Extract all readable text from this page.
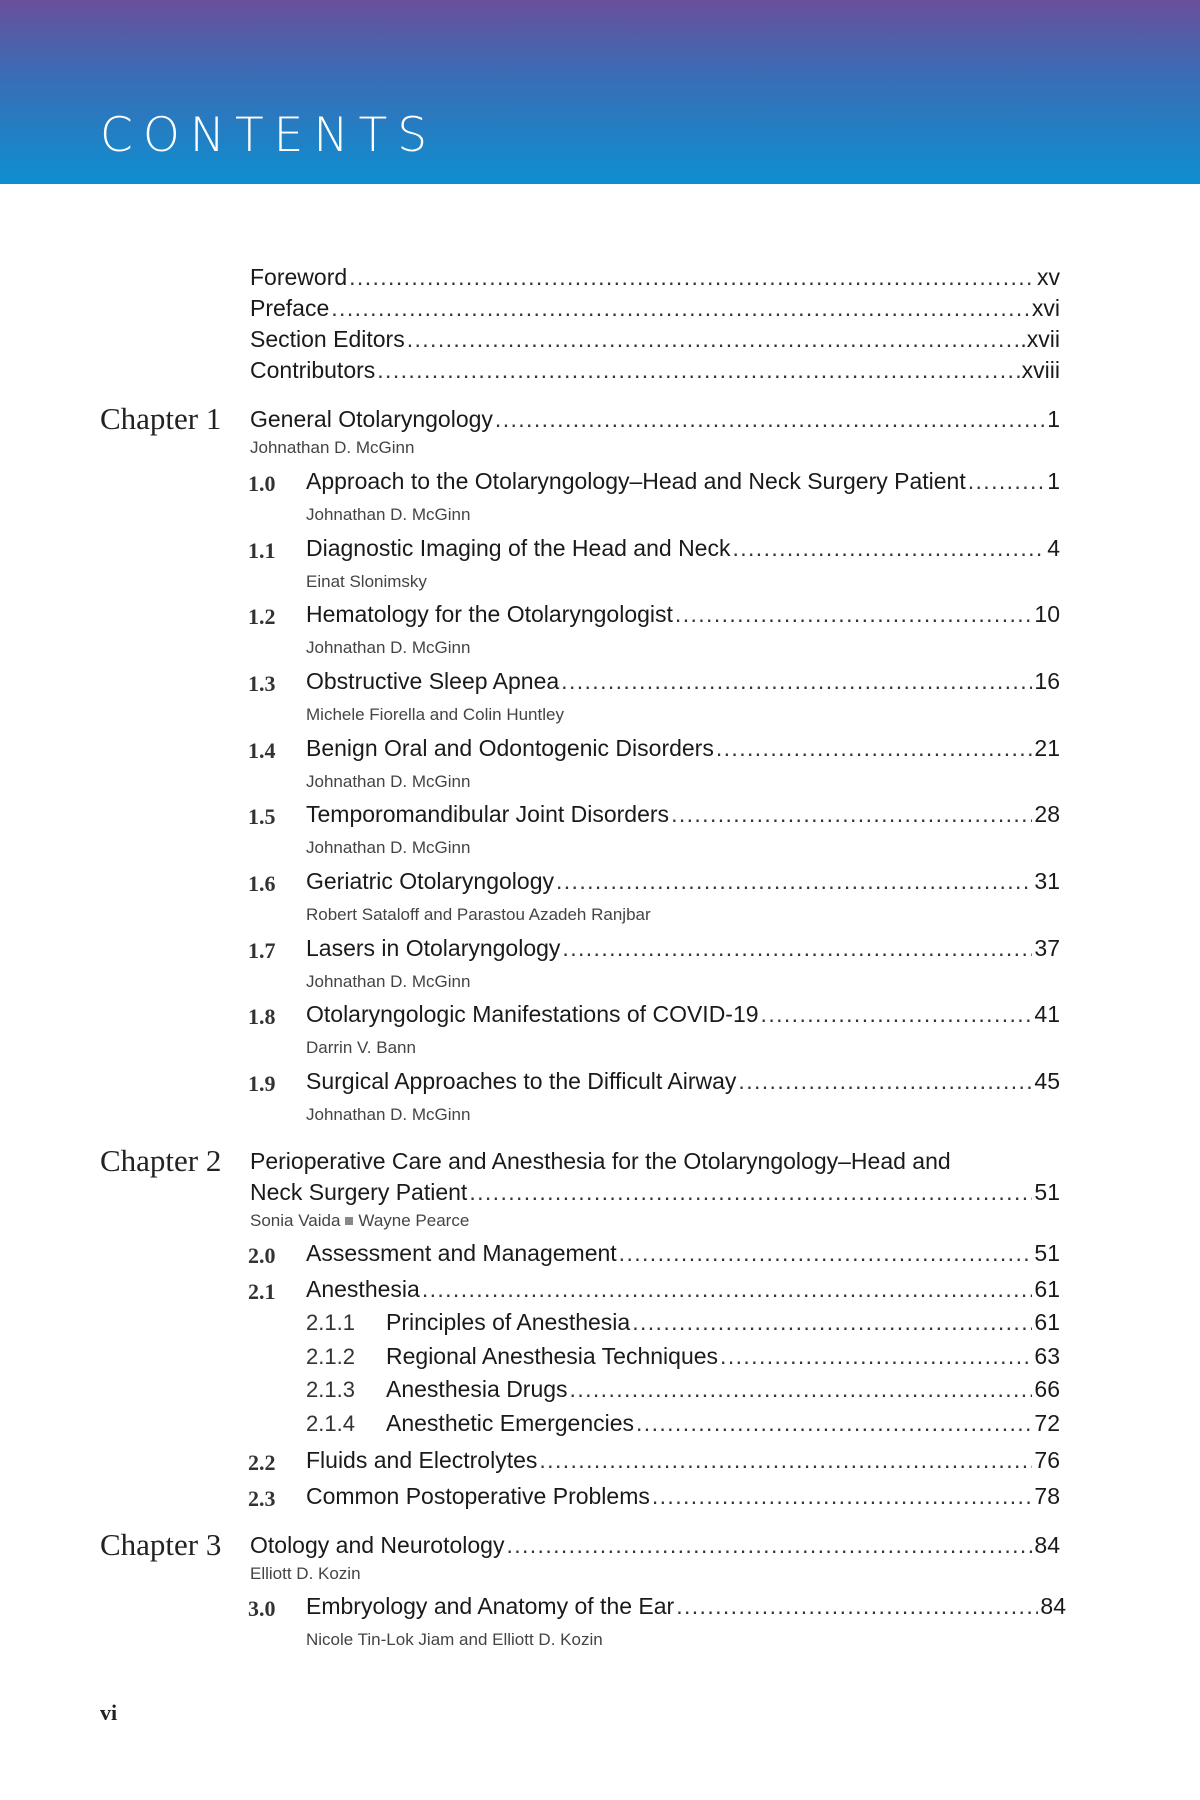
CONTENTS
Foreword . . .	xv
Preface . . .	xvi
Section Editors . . .	.xvii
Contributors . . .	xviii
Chapter 1 General Otolaryngology . . .	1
Johnathan D. McGinn
1.0 Approach to the Otolaryngology–Head and Neck Surgery Patient . . .	1
Johnathan D. McGinn
1.1 Diagnostic Imaging of the Head and Neck . . .	4
Einat Slonimsky
1.2 Hematology for the Otolaryngologist . . .	10
Johnathan D. McGinn
1.3 Obstructive Sleep Apnea . . .	16
Michele Fiorella and Colin Huntley
1.4 Benign Oral and Odontogenic Disorders . . .	21
Johnathan D. McGinn
1.5 Temporomandibular Joint Disorders . . .	28
Johnathan D. McGinn
1.6 Geriatric Otolaryngology . . .	31
Robert Sataloff and Parastou Azadeh Ranjbar
1.7 Lasers in Otolaryngology . . .	37
Johnathan D. McGinn
1.8 Otolaryngologic Manifestations of COVID-19 . . .	41
Darrin V. Bann
1.9 Surgical Approaches to the Difficult Airway . . .	45
Johnathan D. McGinn
Chapter 2 Perioperative Care and Anesthesia for the Otolaryngology–Head and
Neck Surgery Patient . . .	51
Sonia Vaida Wayne Pearce
2.0 Assessment and Management . . .	51
2.1 Anesthesia . . .	61
2.1.1 Principles of Anesthesia . . .	61
2.1.2 Regional Anesthesia Techniques . . .	63
2.1.3 Anesthesia Drugs . . .	66
2.1.4 Anesthetic Emergencies . . .	72
2.2 Fluids and Electrolytes . . .	76
2.3 Common Postoperative Problems . . .	78
Chapter 3 Otology and Neurotology . . .	84
Elliott D. Kozin
3.0 Embryology and Anatomy of the Ear . . .	84
Nicole Tin-Lok Jiam and Elliott D. Kozin
vi
